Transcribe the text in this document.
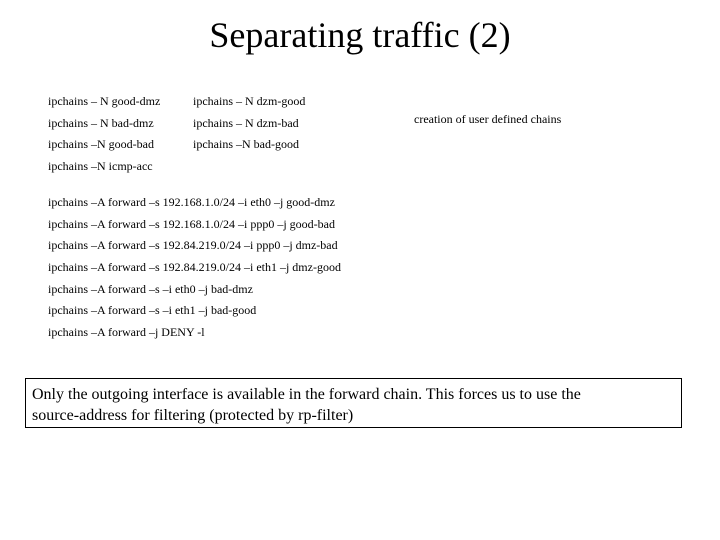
Separating traffic (2)
ipchains – N good-dmz
ipchains – N bad-dmz
ipchains –N good-bad
ipchains –N icmp-acc
ipchains – N dzm-good
ipchains – N dzm-bad
ipchains –N bad-good
creation of user defined chains
ipchains –A forward –s 192.168.1.0/24 –i eth0 –j good-dmz
ipchains –A forward –s 192.168.1.0/24 –i ppp0 –j good-bad
ipchains –A forward –s 192.84.219.0/24 –i ppp0 –j dmz-bad
ipchains –A forward –s 192.84.219.0/24 –i eth1 –j dmz-good
ipchains –A forward –s –i eth0 –j bad-dmz
ipchains –A forward –s –i eth1 –j bad-good
ipchains –A forward –j DENY -l
Only the outgoing interface is available in the forward chain. This forces us to use the
source-address for filtering (protected by rp-filter)
